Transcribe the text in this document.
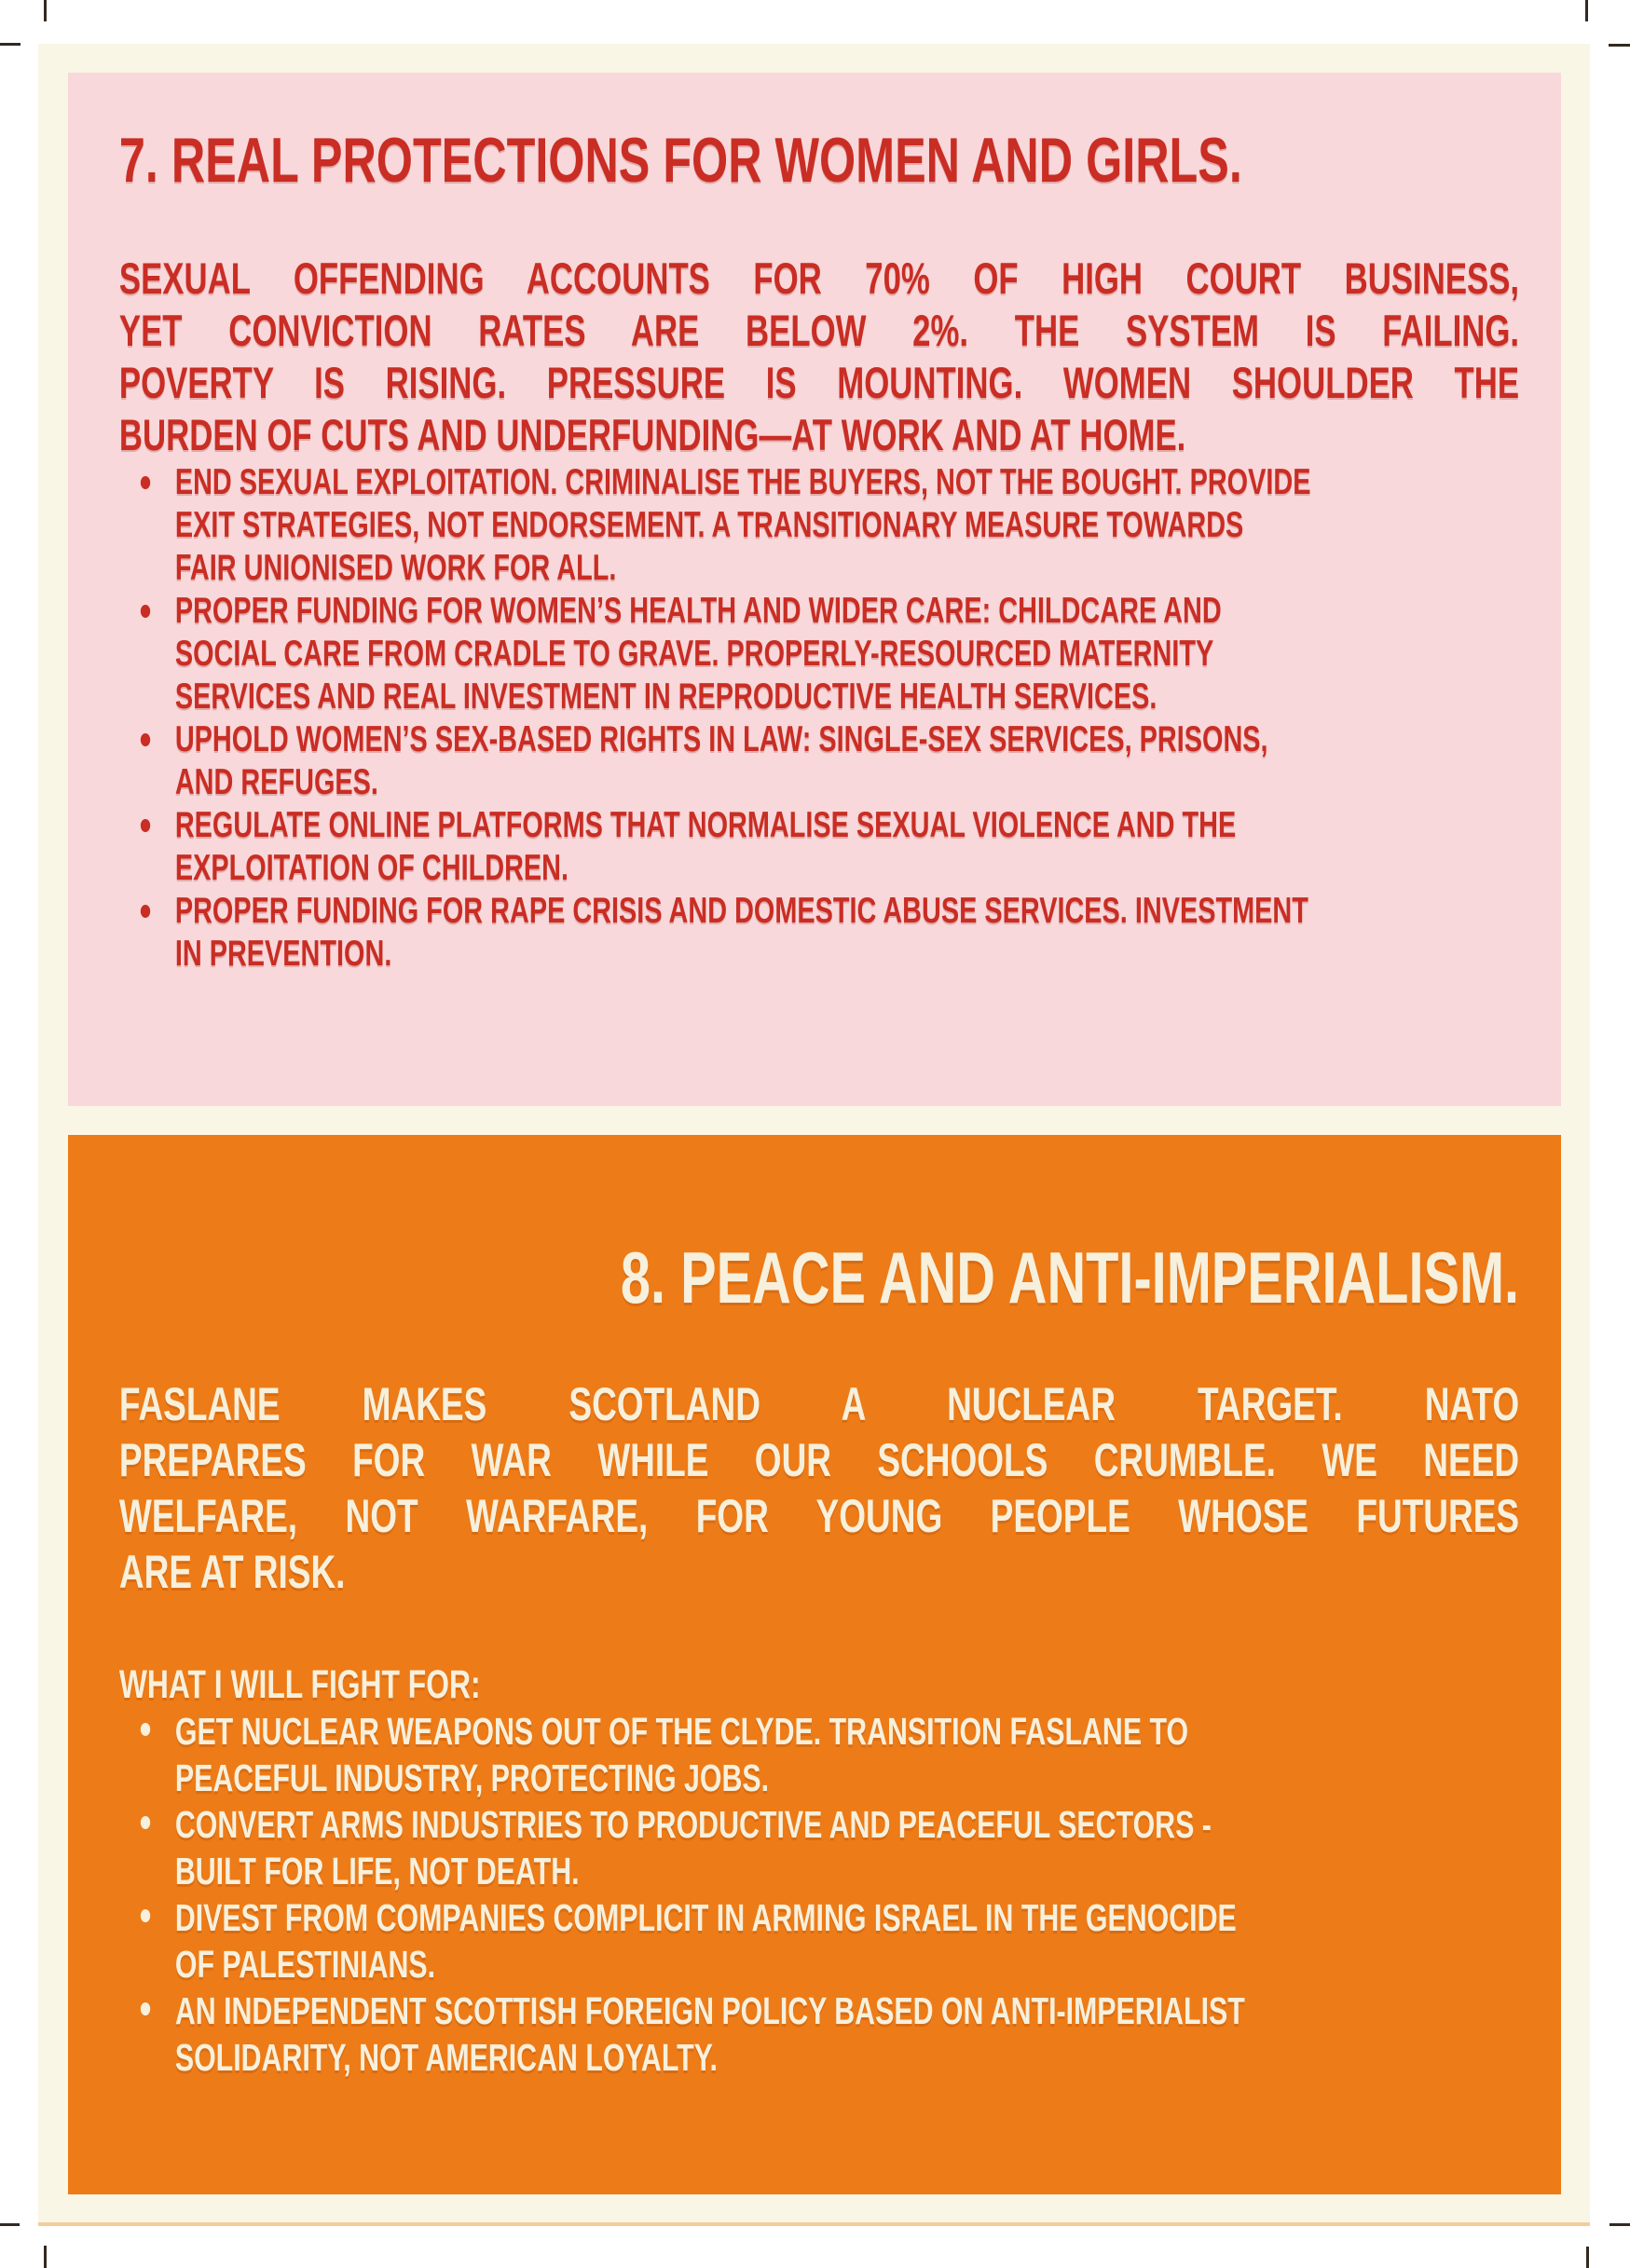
7. REAL PROTECTIONS FOR WOMEN AND GIRLS.
SEXUAL OFFENDING ACCOUNTS FOR 70% OF HIGH COURT BUSINESS,
YET CONVICTION RATES ARE BELOW 2%. THE SYSTEM IS FAILING.
POVERTY IS RISING. PRESSURE IS MOUNTING. WOMEN SHOULDER THE
BURDEN OF CUTS AND UNDERFUNDING—AT WORK AND AT HOME.
END SEXUAL EXPLOITATION. CRIMINALISE THE BUYERS, NOT THE BOUGHT. PROVIDE
EXIT STRATEGIES, NOT ENDORSEMENT. A TRANSITIONARY MEASURE TOWARDS
FAIR UNIONISED WORK FOR ALL.
PROPER FUNDING FOR WOMEN’S HEALTH AND WIDER CARE: CHILDCARE AND
SOCIAL CARE FROM CRADLE TO GRAVE. PROPERLY-RESOURCED MATERNITY
SERVICES AND REAL INVESTMENT IN REPRODUCTIVE HEALTH SERVICES.
UPHOLD WOMEN’S SEX-BASED RIGHTS IN LAW: SINGLE-SEX SERVICES, PRISONS,
AND REFUGES.
REGULATE ONLINE PLATFORMS THAT NORMALISE SEXUAL VIOLENCE AND THE
EXPLOITATION OF CHILDREN.
PROPER FUNDING FOR RAPE CRISIS AND DOMESTIC ABUSE SERVICES. INVESTMENT
IN PREVENTION.
8. PEACE AND ANTI-IMPERIALISM.
FASLANE MAKES SCOTLAND A NUCLEAR TARGET. NATO
PREPARES FOR WAR WHILE OUR SCHOOLS CRUMBLE. WE NEED
WELFARE, NOT WARFARE, FOR YOUNG PEOPLE WHOSE FUTURES
ARE AT RISK.
WHAT I WILL FIGHT FOR:
GET NUCLEAR WEAPONS OUT OF THE CLYDE. TRANSITION FASLANE TO
PEACEFUL INDUSTRY, PROTECTING JOBS.
CONVERT ARMS INDUSTRIES TO PRODUCTIVE AND PEACEFUL SECTORS -
BUILT FOR LIFE, NOT DEATH.
DIVEST FROM COMPANIES COMPLICIT IN ARMING ISRAEL IN THE GENOCIDE
OF PALESTINIANS.
AN INDEPENDENT SCOTTISH FOREIGN POLICY BASED ON ANTI-IMPERIALIST
SOLIDARITY, NOT AMERICAN LOYALTY.
